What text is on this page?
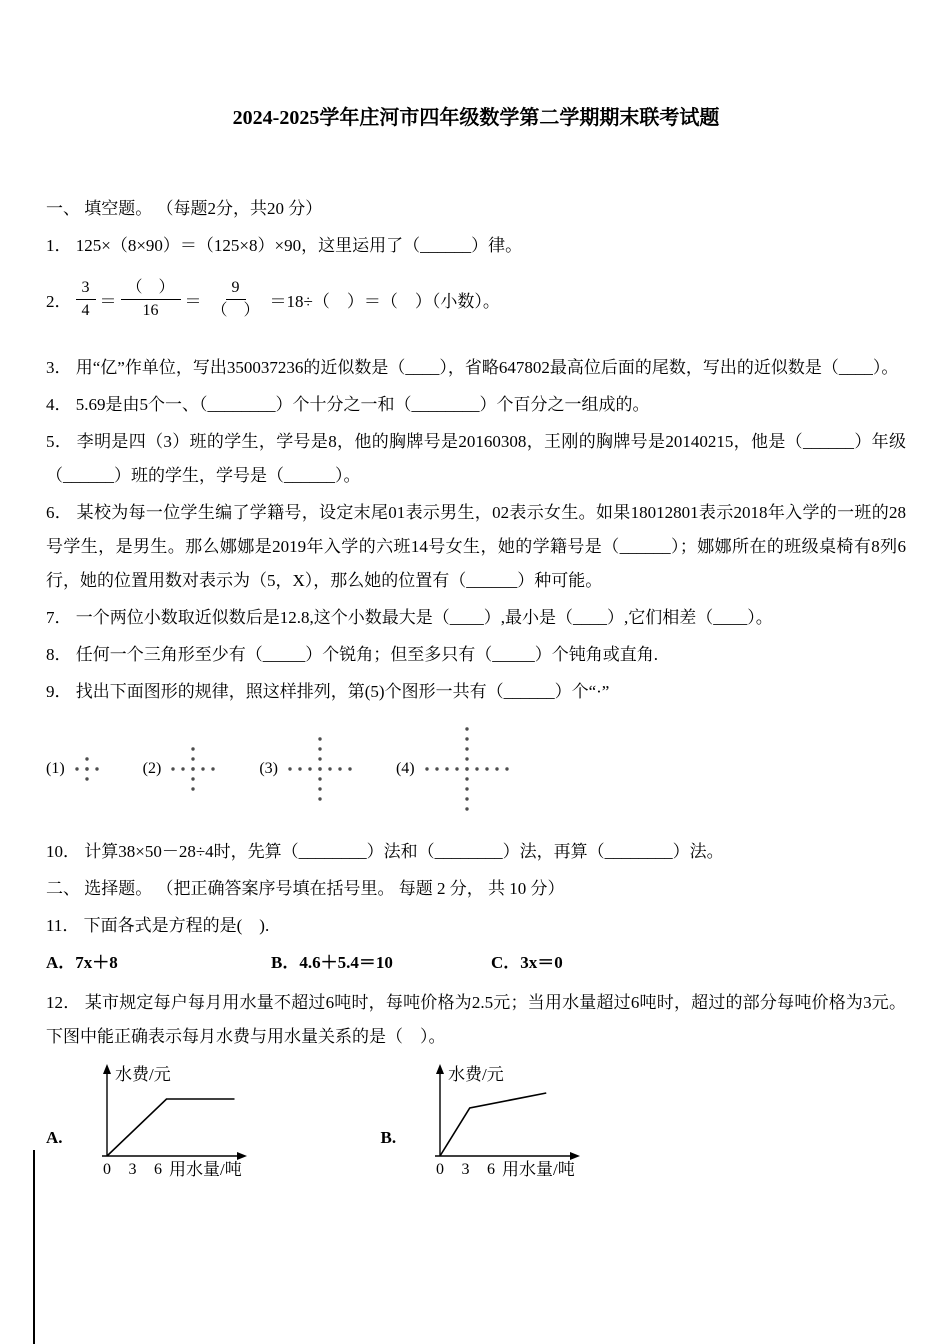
2024-2025学年庄河市四年级数学第二学期期末联考试题

一、 填空题。 （每题2分，共20 分）

1． 125×（8×90）＝（125×8）×90，这里运用了（______）律。

2． $\frac{3}{4} = \frac{( )}{16} = \frac{9}{( )} =18\div$（　）＝（　）（小数）。

3． 用“亿”作单位，写出350037236的近似数是（____），省略647802最高位后面的尾数，写出的近似数是（____）。

4． 5.69是由5个一、（________）个十分之一和（________）个百分之一组成的。

5． 李明是四（3）班的学生，学号是8，他的胸牌号是20160308，王刚的胸牌号是20140215，他是（______）年级（______）班的学生，学号是（______）。

6． 某校为每一位学生编了学籍号，设定末尾01表示男生，02表示女生。如果18012801表示2018年入学的一班的28号学生，是男生。那么娜娜是2019年入学的六班14号女生，她的学籍号是（______）；娜娜所在的班级桌椅有8列6行，她的位置用数对表示为（5，X），那么她的位置有（______）种可能。

7． 一个两位小数取近似数后是12.8,这个小数最大是（____）,最小是（____）,它们相差（____）。

8． 任何一个三角形至少有（_____）个锐角；但至多只有（_____）个钝角或直角.

9． 找出下面图形的规律，照这样排列，第(5)个图形一共有（______）个“·”

(1)	(2)	(3)	(4)

10． 计算38×50－28÷4时，先算（________）法和（________）法，再算（________）法。

二、 选择题。 （把正确答案序号填在括号里。 每题 2 分， 共 10 分）

11． 下面各式是方程的是(　).

A．7x＋8	B．4.6＋5.4＝10	C．3x＝0

12． 某市规定每户每月用水量不超过6吨时，每吨价格为2.5元；当用水量超过6吨时，超过的部分每吨价格为3元。下图中能正确表示每月水费与用水量关系的是（　）。

A.
水费/元
0 3 6 用水量/吨
B.
水费/元
0 3 6 用水量/吨
